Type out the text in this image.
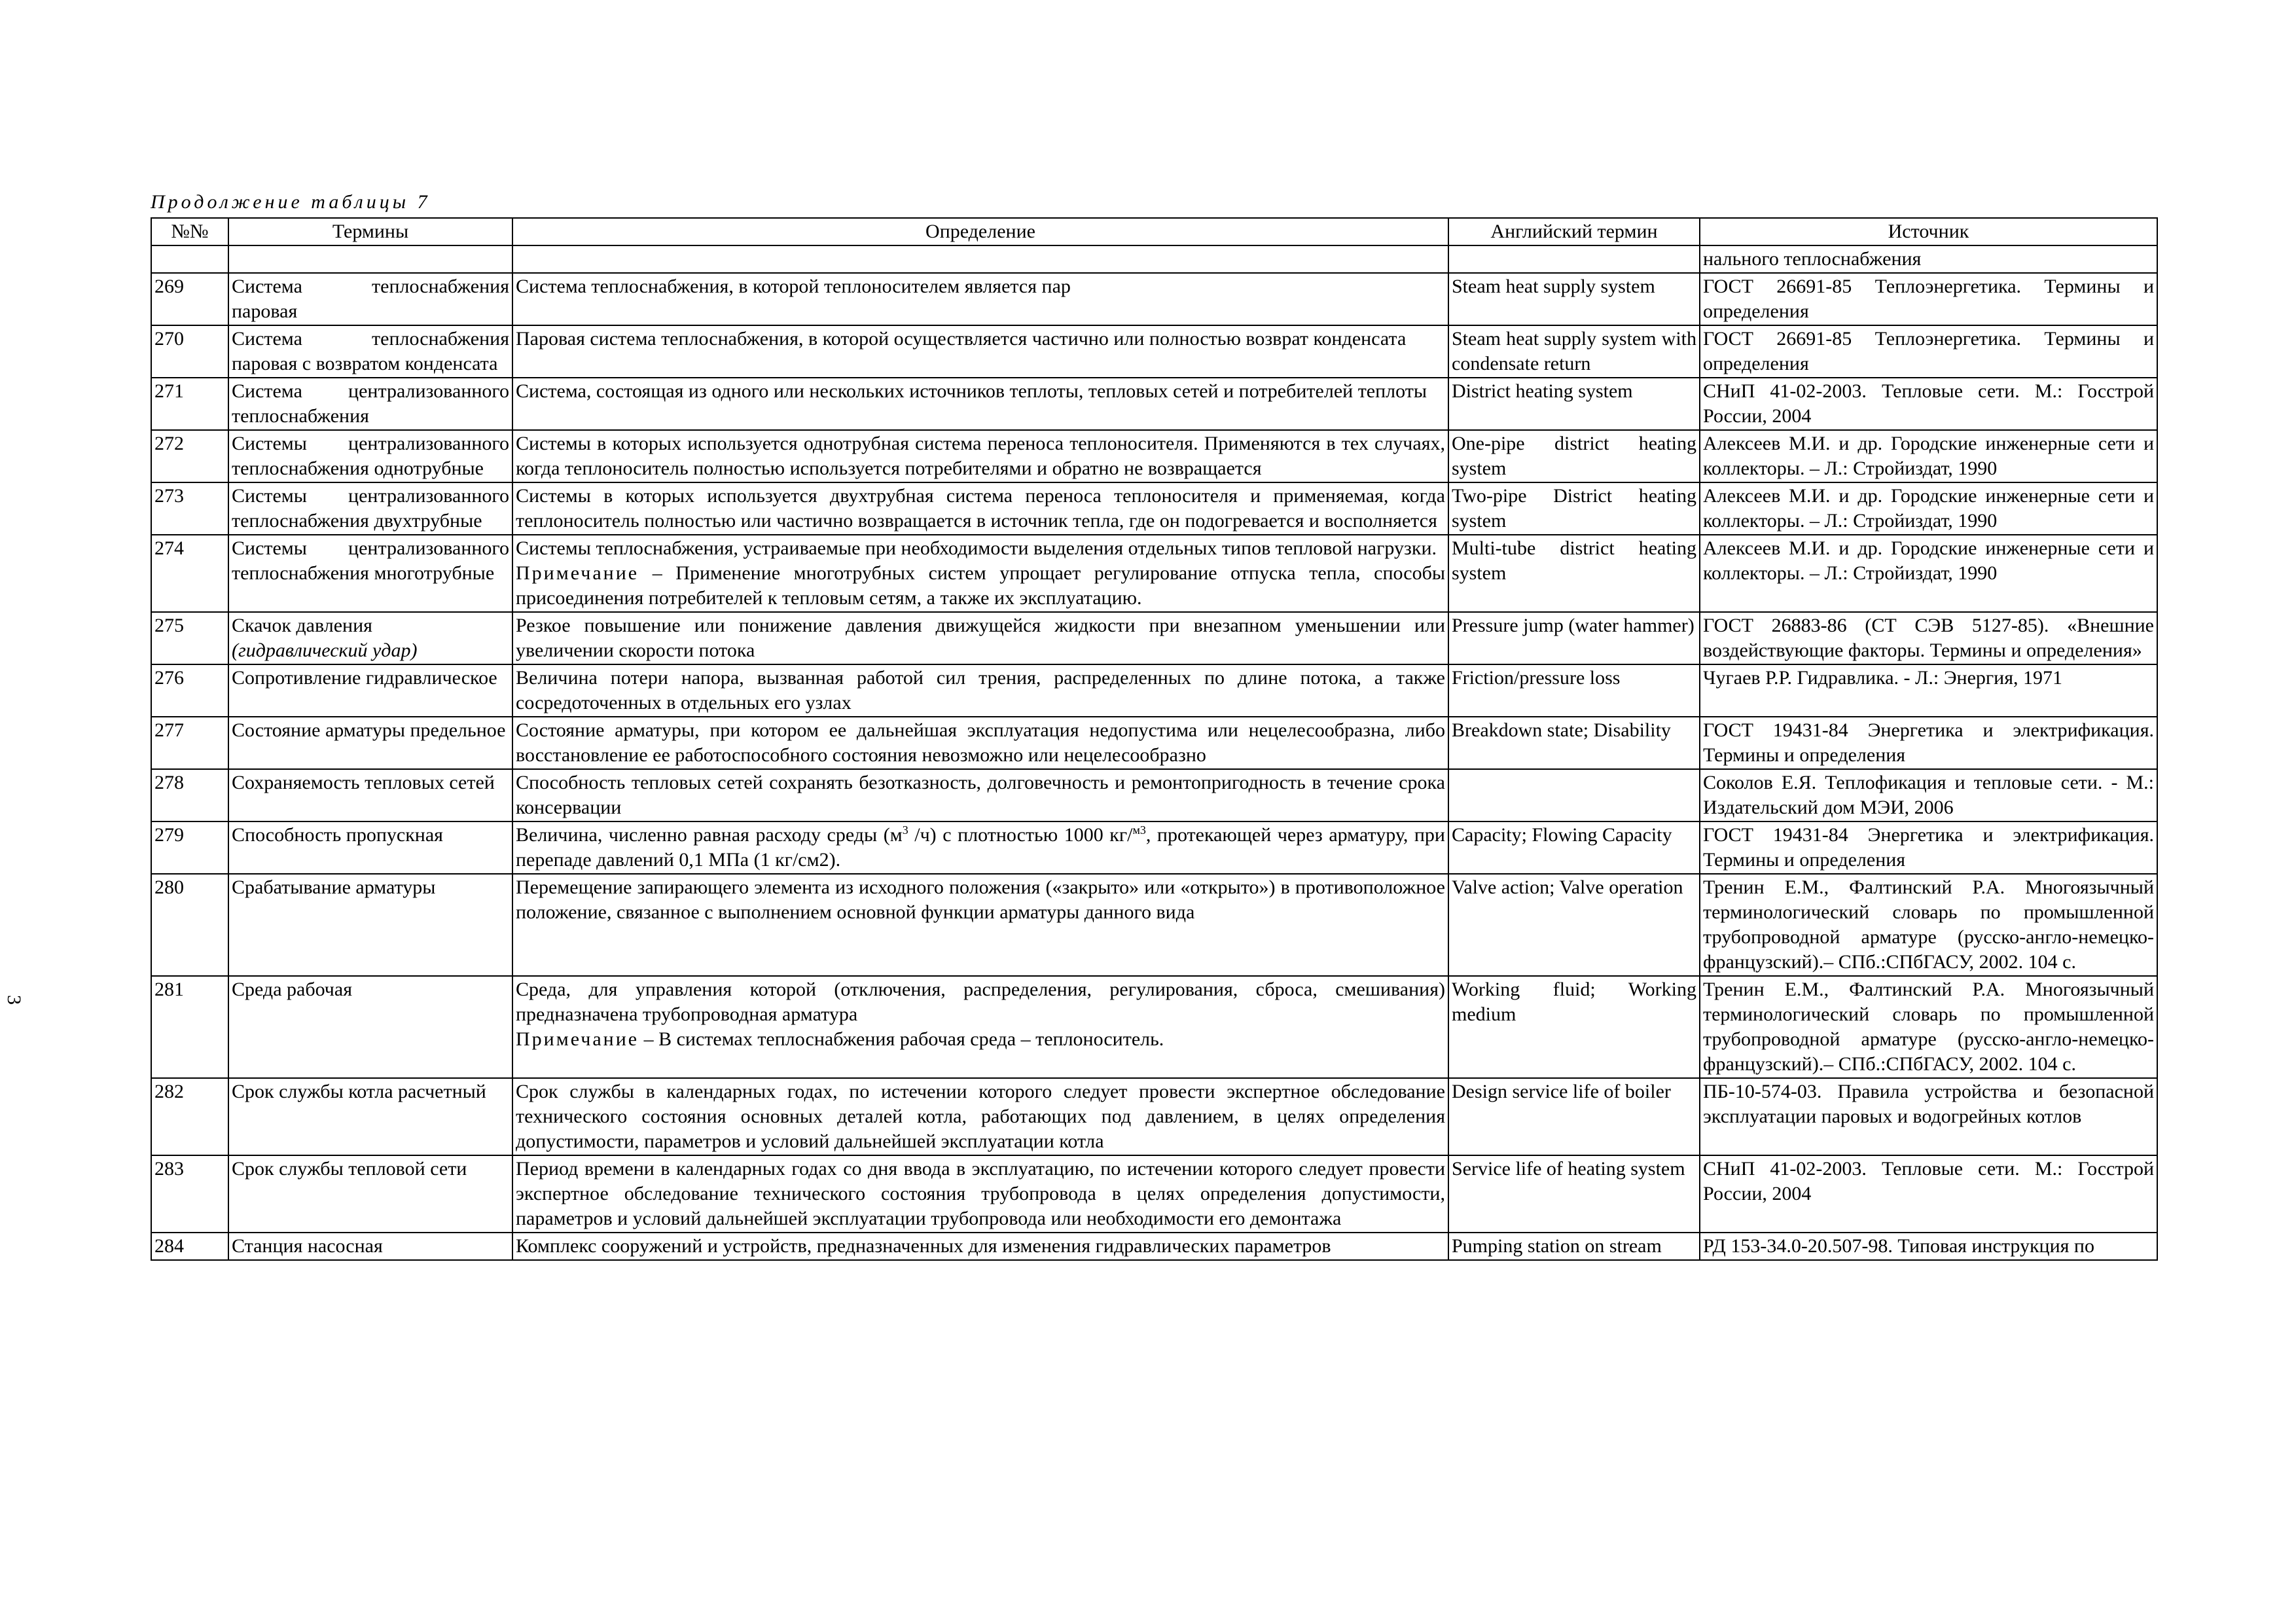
3
Продолжение таблицы 7
№№	Термины	Определение	Английский термин	Источник
				нального теплоснабжения
269	Система теплоснабжения паровая	Система теплоснабжения, в которой теплоносителем является пар	Steam heat supply system	ГОСТ 26691-85 Теплоэнергетика. Термины и определения
270	Система теплоснабжения паровая с возвратом конденсата	Паровая система теплоснабжения, в которой осуществляется частично или полностью возврат конденсата	Steam heat supply system with condensate return	ГОСТ 26691-85 Теплоэнергетика. Термины и определения
271	Система централизованного теплоснабжения	Система, состоящая из одного или нескольких источников теплоты, тепловых сетей и потребителей теплоты	District heating system	СНиП 41-02-2003. Тепловые сети. М.: Госстрой России, 2004
272	Системы централизованного теплоснабжения однотрубные	Системы в которых используется однотрубная система переноса теплоносителя. Применяются в тех случаях, когда теплоноситель полностью используется потребителями и обратно не возвращается	One-pipe district heating system	Алексеев М.И. и др. Городские инженерные сети и коллекторы. – Л.: Стройиздат, 1990
273	Системы централизованного теплоснабжения двухтрубные	Системы в которых используется двухтрубная система переноса теплоносителя и применяемая, когда теплоноситель полностью или частично возвращается в источник тепла, где он подогревается и восполняется	Two-pipe District heating system	Алексеев М.И. и др. Городские инженерные сети и коллекторы. – Л.: Стройиздат, 1990
274	Системы централизованного теплоснабжения многотрубные	Системы теплоснабжения, устраиваемые при необходимости выделения отдельных типов тепловой нагрузки.
Примечание – Применение многотрубных систем упрощает регулирование отпуска тепла, способы присоединения потребителей к тепловым сетям, а также их эксплуатацию.	Multi-tube district heating system	Алексеев М.И. и др. Городские инженерные сети и коллекторы. – Л.: Стройиздат, 1990
275	Скачок давления (гидравлический удар)	Резкое повышение или понижение давления движущейся жидкости при внезапном уменьшении или увеличении скорости потока	Pressure jump (water hammer)	ГОСТ 26883-86 (СТ СЭВ 5127-85). «Внешние воздействующие факторы. Термины и определения»
276	Сопротивление гидравлическое	Величина потери напора, вызванная работой сил трения, распределенных по длине потока, а также сосредоточенных в отдельных его узлах	Friction/pressure loss	Чугаев Р.Р. Гидравлика. - Л.: Энергия, 1971
277	Состояние арматуры предельное	Состояние арматуры, при котором ее дальнейшая эксплуатация недопустима или нецелесообразна, либо восстановление ее работоспособного состояния невозможно или нецелесообразно	Breakdown state; Disability	ГОСТ 19431-84 Энергетика и электрификация. Термины и определения
278	Сохраняемость тепловых сетей	Способность тепловых сетей сохранять безотказность, долговечность и ремонтопригодность в течение срока консервации		Соколов Е.Я. Теплофикация и тепловые сети. - М.: Издательский дом МЭИ, 2006
279	Способность пропускная	Величина, численно равная расходу среды ($м^3$ /ч) с плотностью 1000 кг/$^{м3}$, протекающей через арматуру, при перепаде давлений 0,1 МПа (1 кг/см2).	Capacity; Flowing Capacity	ГОСТ 19431-84 Энергетика и электрификация. Термины и определения
280	Срабатывание арматуры	Перемещение запирающего элемента из исходного положения («закрыто» или «открыто») в противоположное положение, связанное с выполнением основной функции арматуры данного вида	Valve action; Valve operation	Тренин Е.М., Фалтинский Р.А. Многоязычный терминологический словарь по промышленной трубопроводной арматуре (русско-англо-немецко-французский).– СПб.:СПбГАСУ, 2002. 104 с.
281	Среда рабочая	Среда, для управления которой (отключения, распределения, регулирования, сброса, смешивания) предназначена трубопроводная арматура
Примечание – В системах теплоснабжения рабочая среда – теплоноситель.	Working fluid; Working medium	Тренин Е.М., Фалтинский Р.А. Многоязычный терминологический словарь по промышленной трубопроводной арматуре (русско-англо-немецко-французский).– СПб.:СПбГАСУ, 2002. 104 с.
282	Срок службы котла расчетный	Срок службы в календарных годах, по истечении которого следует провести экспертное обследование технического состояния основных деталей котла, работающих под давлением, в целях определения допустимости, параметров и условий дальнейшей эксплуатации котла	Design service life of boiler	ПБ-10-574-03. Правила устройства и безопасной эксплуатации паровых и водогрейных котлов
283	Срок службы тепловой сети	Период времени в календарных годах со дня ввода в эксплуатацию, по истечении которого следует провести экспертное обследование технического состояния трубопровода в целях определения допустимости, параметров и условий дальнейшей эксплуатации трубопровода или необходимости его демонтажа	Service life of heating system	СНиП 41-02-2003. Тепловые сети. М.: Госстрой России, 2004
284	Станция насосная	Комплекс сооружений и устройств, предназначенных для изменения гидравлических параметров	Pumping station on stream	РД 153-34.0-20.507-98. Типовая инструкция по
